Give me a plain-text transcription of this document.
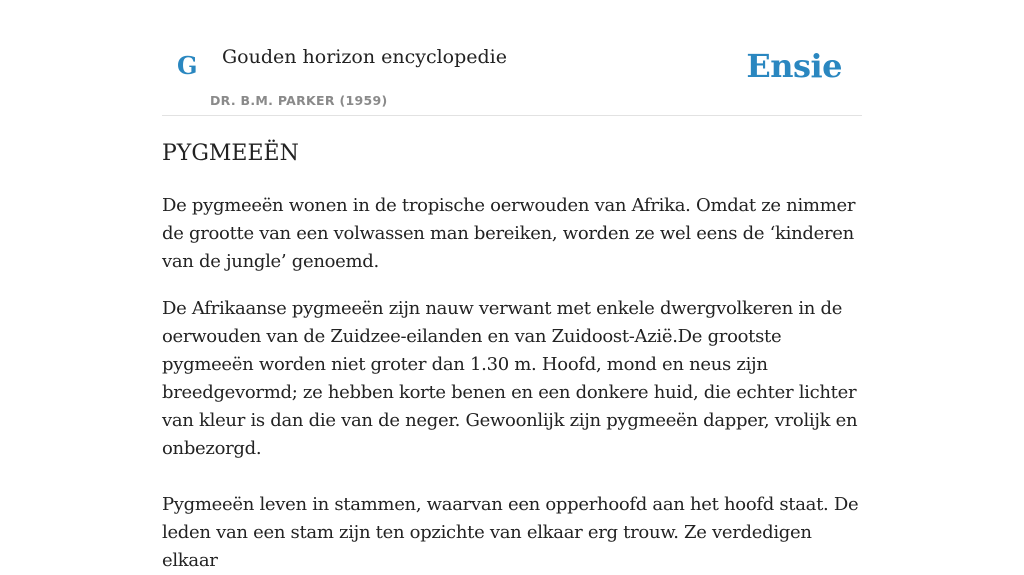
G Gouden horizon encyclopedie
DR. B.M. PARKER (1959)
Ensie
PYGMEEËN

De pygmeeën wonen in de tropische oerwouden van Afrika. Omdat ze nimmer de grootte van een volwassen man bereiken, worden ze wel eens de ‘kinderen van de jungle’ genoemd.

De Afrikaanse pygmeeën zijn nauw verwant met enkele dwergvolkeren in de oerwouden van de Zuidzee-eilanden en van Zuidoost-Azië.De grootste pygmeeën worden niet groter dan 1.30 m. Hoofd, mond en neus zijn breedgevormd; ze hebben korte benen en een donkere huid, die echter lichter van kleur is dan die van de neger. Gewoonlijk zijn pygmeeën dapper, vrolijk en onbezorgd.

Pygmeeën leven in stammen, waarvan een opperhoofd aan het hoofd staat. De leden van een stam zijn ten opzichte van elkaar erg trouw. Ze verdedigen elkaar
